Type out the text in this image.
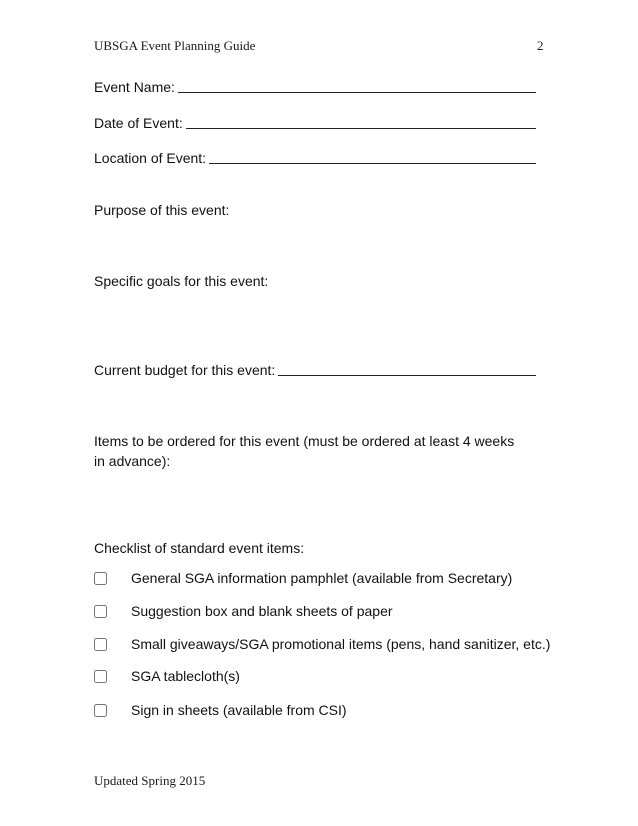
UBSGA Event Planning Guide	2
Event Name:
Date of Event:
Location of Event:
Purpose of this event:
Specific goals for this event:
Current budget for this event:
Items to be ordered for this event (must be ordered at least 4 weeks in advance):
Checklist of standard event items:
General SGA information pamphlet (available from Secretary)
Suggestion box and blank sheets of paper
Small giveaways/SGA promotional items (pens, hand sanitizer, etc.)
SGA tablecloth(s)
Sign in sheets (available from CSI)
Updated Spring 2015
